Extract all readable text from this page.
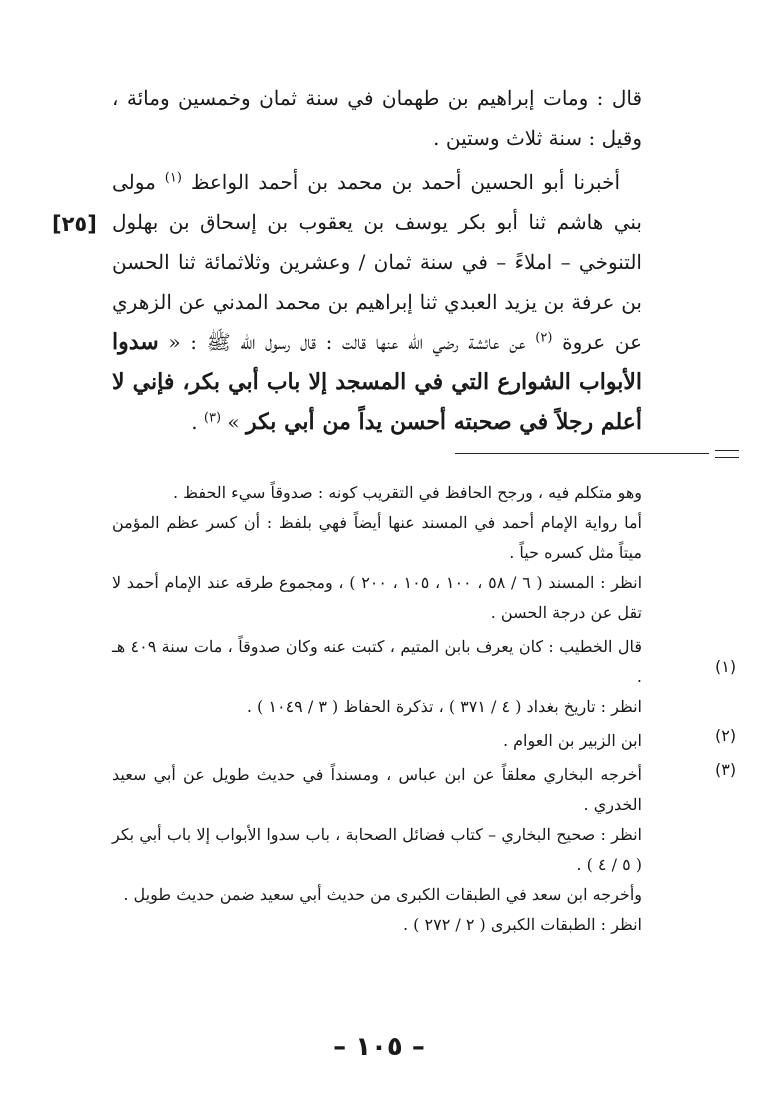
قال : ومات إبراهيم بن طهمان في سنة ثمان وخمسين ومائة ، وقيل : سنة ثلاث وستين .

أخبرنا أبو الحسين أحمد بن محمد بن أحمد الواعظ $^{(١)}$ مولى بني هاشم ثنا أبو بكر يوسف بن يعقوب بن إسحاق بن بهلول التنوخي – املاءً – في سنة ثمان / وعشرين وثلاثمائة ثنا الحسن بن عرفة بن يزيد العبدي ثنا إبراهيم بن محمد المدني عن الزهري عن عروة $^{(٢)}$ عن عائشة رضي الله عنها قالت : قال رسول الله ﷺ : « سدوا الأبواب الشوارع التي في المسجد إلا باب أبي بكر، فإني لا أعلم رجلاً في صحبته أحسن يداً من أبي بكر » $^{(٣)}$ .

[٢٥]

وهو متكلم فيه ، ورجح الحافظ في التقريب كونه : صدوقاً سيء الحفظ .

أما رواية الإمام أحمد في المسند عنها أيضاً فهي بلفظ : أن كسر عظم المؤمن ميتاً مثل كسره حياً .

انظر : المسند ( ٦ / ٥٨ ، ١٠٠ ، ١٠٥ ، ٢٠٠ ) ، ومجموع طرقه عند الإمام أحمد لا تقل عن درجة الحسن .

قال الخطيب : كان يعرف بابن المتيم ، كتبت عنه وكان صدوقاً ، مات سنة ٤٠٩ هـ .

انظر : تاريخ بغداد ( ٤ / ٣٧١ ) ، تذكرة الحفاظ ( ٣ / ١٠٤٩ ) .

ابن الزبير بن العوام .

أخرجه البخاري معلقاً عن ابن عباس ، ومسنداً في حديث طويل عن أبي سعيد الخدري .

انظر : صحيح البخاري – كتاب فضائل الصحابة ، باب سدوا الأبواب إلا باب أبي بكر ( ٥ / ٤ ) .

وأخرجه ابن سعد في الطبقات الكبرى من حديث أبي سعيد ضمن حديث طويل .

انظر : الطبقات الكبرى ( ٢ / ٢٧٢ ) .

(١)
(٢)
(٣)
– ١٠٥ –
